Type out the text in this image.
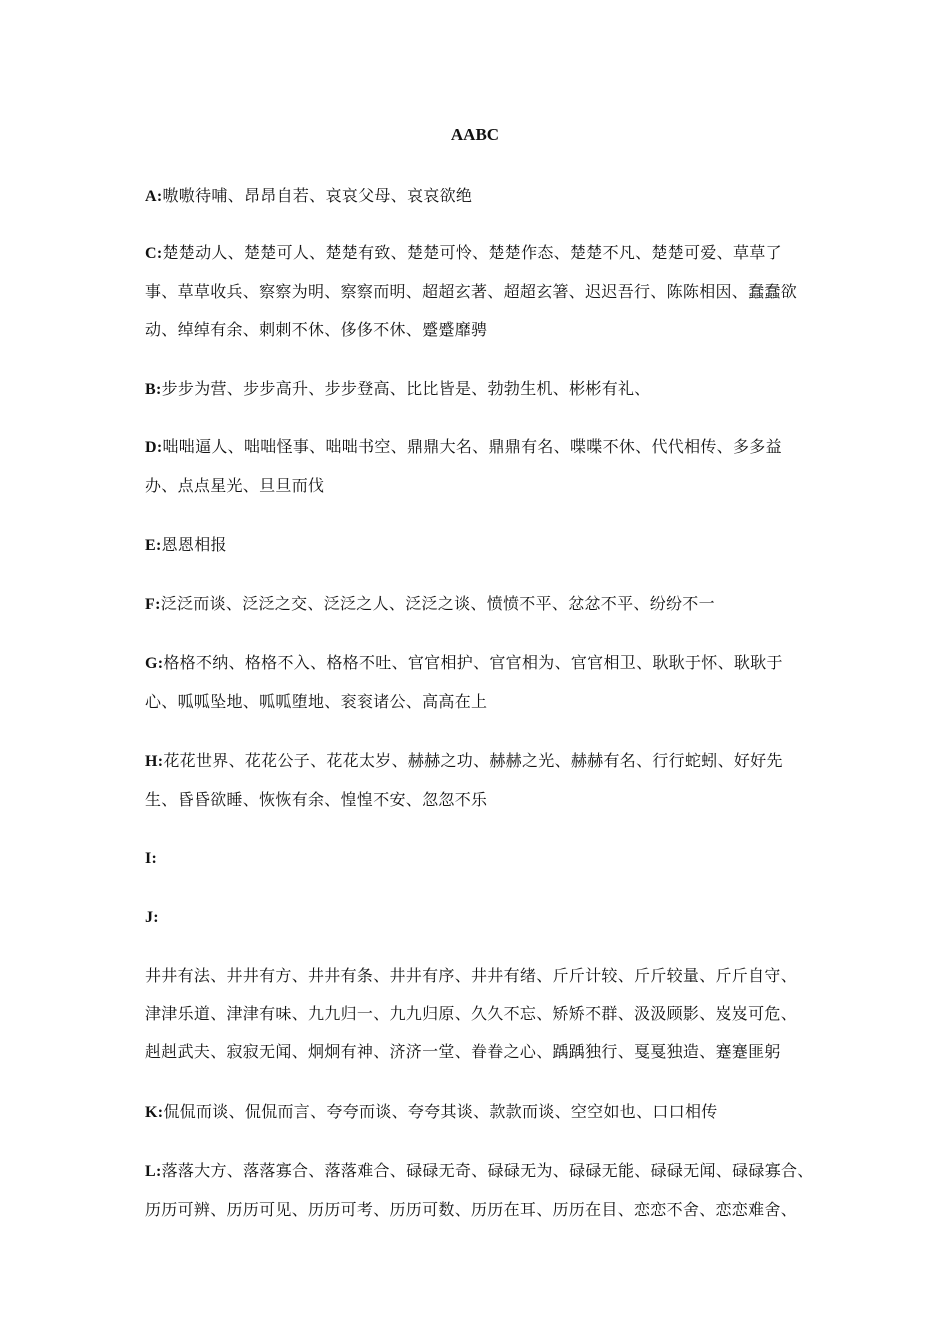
AABC
A:嗷嗷待哺、昂昂自若、哀哀父母、哀哀欲绝
C:楚楚动人、楚楚可人、楚楚有致、楚楚可怜、楚楚作态、楚楚不凡、楚楚可爱、草草了
事、草草收兵、察察为明、察察而明、超超玄著、超超玄箸、迟迟吾行、陈陈相因、蠢蠢欲
动、绰绰有余、刺刺不休、侈侈不休、蹙蹙靡骋
B:步步为营、步步高升、步步登高、比比皆是、勃勃生机、彬彬有礼、
D:咄咄逼人、咄咄怪事、咄咄书空、鼎鼎大名、鼎鼎有名、喋喋不休、代代相传、多多益
办、点点星光、旦旦而伐
E:恩恩相报
F:泛泛而谈、泛泛之交、泛泛之人、泛泛之谈、愤愤不平、忿忿不平、纷纷不一
G:格格不纳、格格不入、格格不吐、官官相护、官官相为、官官相卫、耿耿于怀、耿耿于
心、呱呱坠地、呱呱堕地、衮衮诸公、高高在上
H:花花世界、花花公子、花花太岁、赫赫之功、赫赫之光、赫赫有名、行行蛇蚓、好好先
生、昏昏欲睡、恢恢有余、惶惶不安、忽忽不乐
I:
J:
井井有法、井井有方、井井有条、井井有序、井井有绪、斤斤计较、斤斤较量、斤斤自守、
津津乐道、津津有味、九九归一、九九归原、久久不忘、矫矫不群、汲汲顾影、岌岌可危、
赳赳武夫、寂寂无闻、炯炯有神、济济一堂、眷眷之心、踽踽独行、戛戛独造、蹇蹇匪躬
K:侃侃而谈、侃侃而言、夸夸而谈、夸夸其谈、款款而谈、空空如也、口口相传
L:落落大方、落落寡合、落落难合、碌碌无奇、碌碌无为、碌碌无能、碌碌无闻、碌碌寡合、
历历可辨、历历可见、历历可考、历历可数、历历在耳、历历在目、恋恋不舍、恋恋难舍、
